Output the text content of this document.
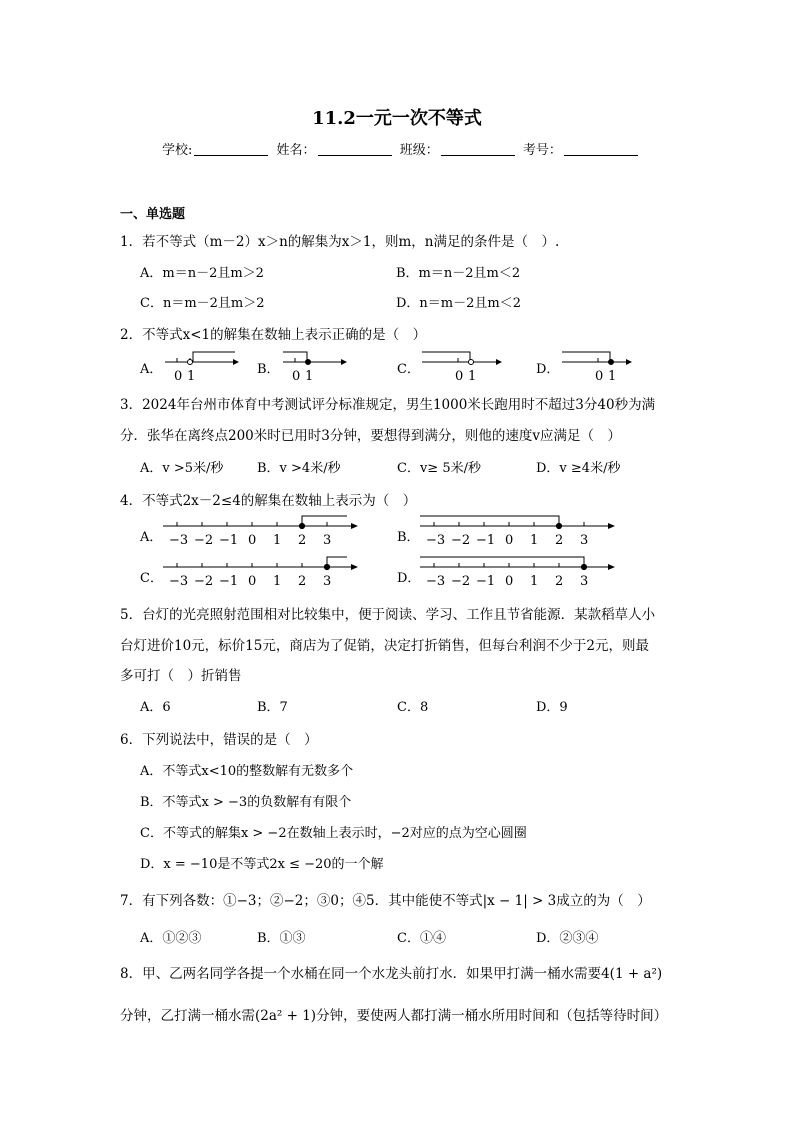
11.2一元一次不等式
学校:	姓名：	班级：	考号：
一、单选题
1．若不等式（m－2）x＞n的解集为x＞1，则m，n满足的条件是（　）.
A．m＝n－2且m＞2	B．m＝n－2且m＜2
C．n＝m－2且m＞2	D．n＝m－2且m＜2
2．不等式x<1的解集在数轴上表示正确的是（　）
A． 0 1	B． 0 1	C．	0 1	D．	0 1
3．2024年台州市体育中考测试评分标准规定，男生1000米长跑用时不超过3分40秒为满
分．张华在离终点200米时已用时3分钟，要想得到满分，则他的速度v应满足（　）
A．v >5米/秒	B．v >4米/秒	C．v≥ 5米/秒	D．v ≥4米/秒
4．不等式2x－2≤4的解集在数轴上表示为（　）
A． −3 −2 −1 0 1 2 3	B． −3 −2 −1 0 1 2 3
C． −3 −2 −1 0 1 2 3	D． −3 −2 −1 0 1 2 3
5．台灯的光亮照射范围相对比较集中，便于阅读、学习、工作且节省能源．某款稻草人小
台灯进价10元，标价15元，商店为了促销，决定打折销售，但每台利润不少于2元，则最
多可打（　）折销售
A．6	B．7	C．8	D．9
6．下列说法中，错误的是（　）
A．不等式x<10的整数解有无数多个
B．不等式x > −3的负数解有有限个
C．不等式的解集x > −2在数轴上表示时，−2对应的点为空心圆圈
D．x = −10是不等式2x ≤ −20的一个解
7．有下列各数：①−3；②−2；③0；④5．其中能使不等式|x − 1| > 3成立的为（　）
A．①②③	B．①③	C．①④	D．②③④
8．甲、乙两名同学各提一个水桶在同一个水龙头前打水．如果甲打满一桶水需要4(1 + a²)
分钟，乙打满一桶水需(2a² + 1)分钟，要使两人都打满一桶水所用时间和（包括等待时间）
